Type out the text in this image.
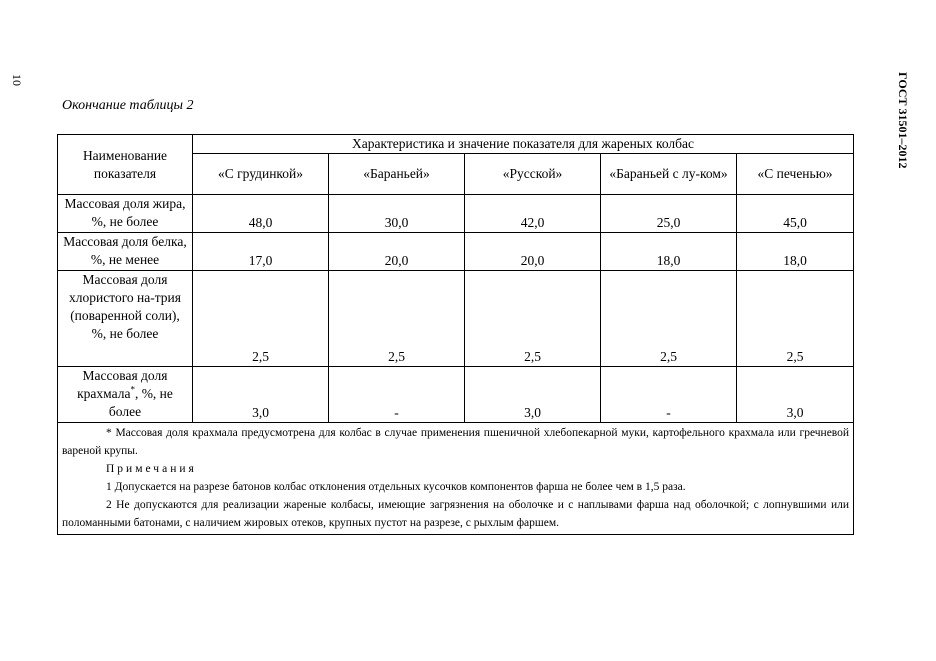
10	ГОСТ 31501–2012
Окончание таблицы 2
Наименование показателя	Характеристика и значение показателя для жареных колбас				
	«С грудинкой»	«Бараньей»	«Русской»	«Бараньей с лу-ком»	«С печенью»
Массовая доля жира, %, не более	48,0	30,0	42,0	25,0	45,0
Массовая доля белка, %, не менее	17,0	20,0	20,0	18,0	18,0
Массовая доля хлористого на-трия (поваренной соли), %, не более	2,5	2,5	2,5	2,5	2,5
Массовая доля крахмала*, %, не более	3,0	-	3,0	-	3,0

* Массовая доля крахмала предусмотрена для колбас в случае применения пшеничной хлебопекарной муки, картофельного крахмала или гречневой вареной крупы.

Примечания

1 Допускается на разрезе батонов колбас отклонения отдельных кусочков компонентов фарша не более чем в 1,5 раза.

2 Не допускаются для реализации жареные колбасы, имеющие загрязнения на оболочке и с наплывами фарша над оболочкой; с лопнувшими или поломанными батонами, с наличием жировых отеков, крупных пустот на разрезе, с рыхлым фаршем.					
